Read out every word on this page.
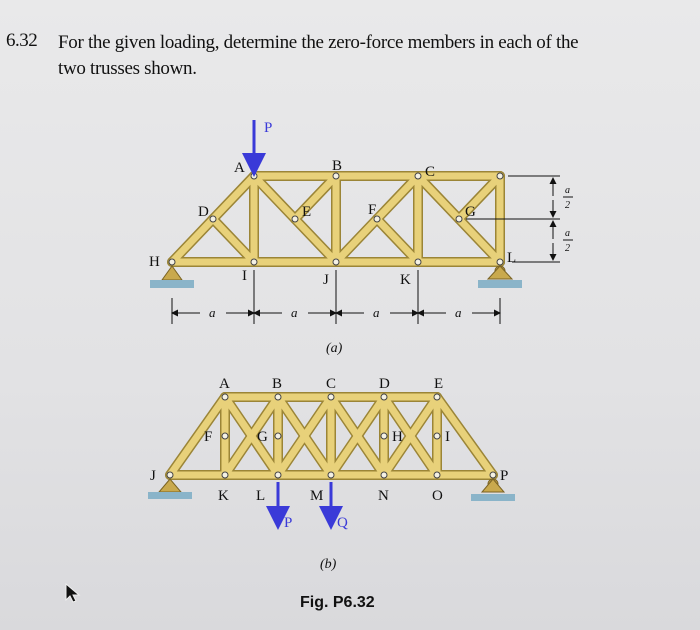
6.32 For the given loading, determine the zero-force members in each of the
two trusses shown.
P
A	B	C
D	E	F	G
H
I	J	K
L
a	a	a	a
a
2
a
2
(a)
P	Q
A	B	C	D	E
F	G	H	I
J
K L	M	N	O
P
(b)
Fig. P6.32
